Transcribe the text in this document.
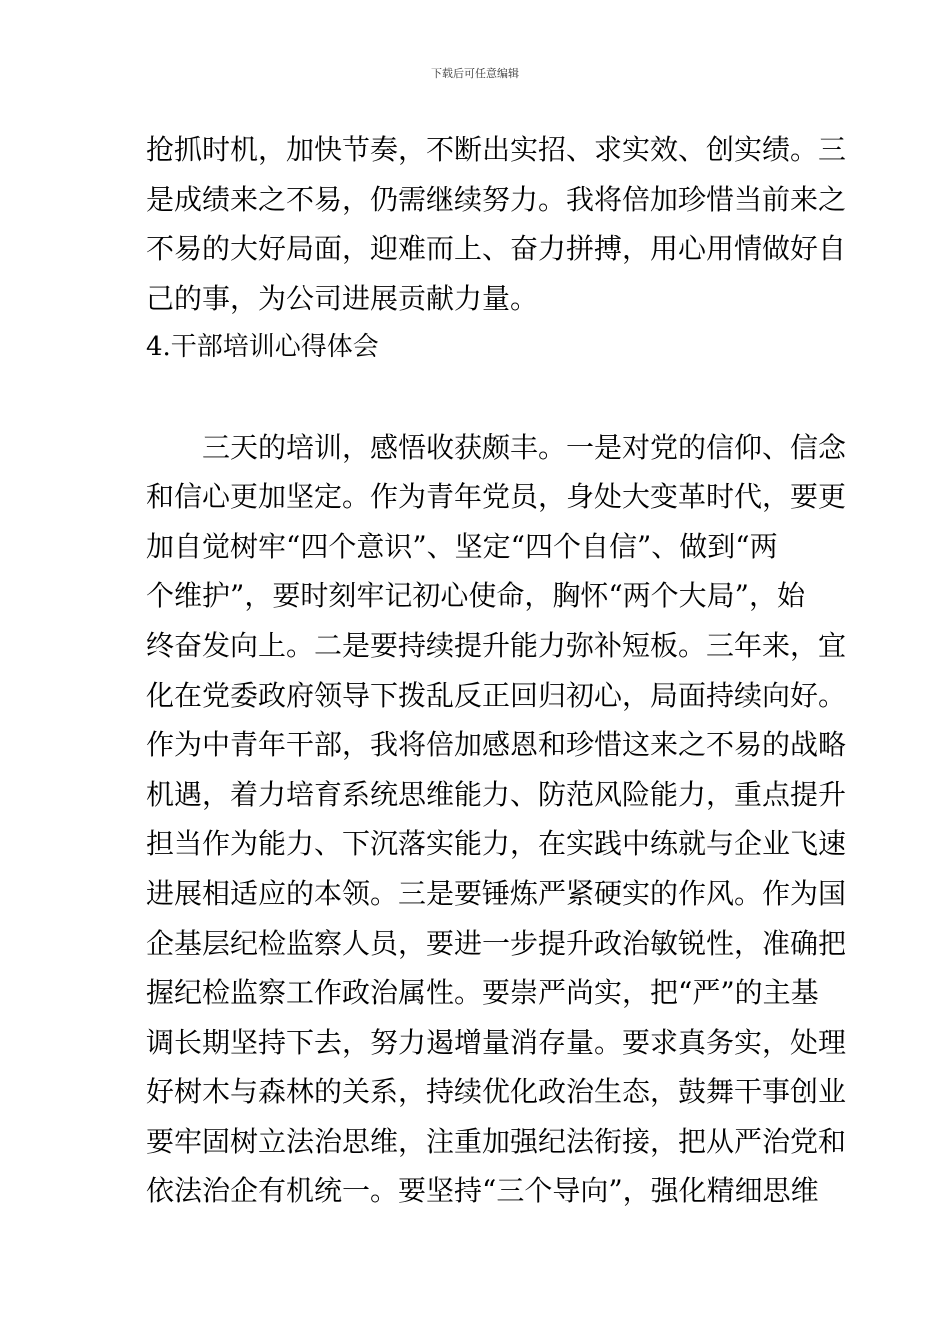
下载后可任意编辑
抢抓时机，加快节奏，不断出实招、求实效、创实绩。三
是成绩来之不易，仍需继续努力。我将倍加珍惜当前来之
不易的大好局面，迎难而上、奋力拼搏，用心用情做好自
己的事，为公司进展贡献力量。
4.干部培训心得体会
三天的培训，感悟收获颇丰。一是对党的信仰、信念
和信心更加坚定。作为青年党员，身处大变革时代，要更
加自觉树牢“四个意识”、坚定“四个自信”、做到“两
个维护”，要时刻牢记初心使命，胸怀“两个大局”，始
终奋发向上。二是要持续提升能力弥补短板。三年来，宜
化在党委政府领导下拨乱反正回归初心，局面持续向好。
作为中青年干部，我将倍加感恩和珍惜这来之不易的战略
机遇，着力培育系统思维能力、防范风险能力，重点提升
担当作为能力、下沉落实能力，在实践中练就与企业飞速
进展相适应的本领。三是要锤炼严紧硬实的作风。作为国
企基层纪检监察人员，要进一步提升政治敏锐性，准确把
握纪检监察工作政治属性。要崇严尚实，把“严”的主基
调长期坚持下去，努力遏增量消存量。要求真务实，处理
好树木与森林的关系，持续优化政治生态，鼓舞干事创业
要牢固树立法治思维，注重加强纪法衔接，把从严治党和
依法治企有机统一。要坚持“三个导向”，强化精细思维
